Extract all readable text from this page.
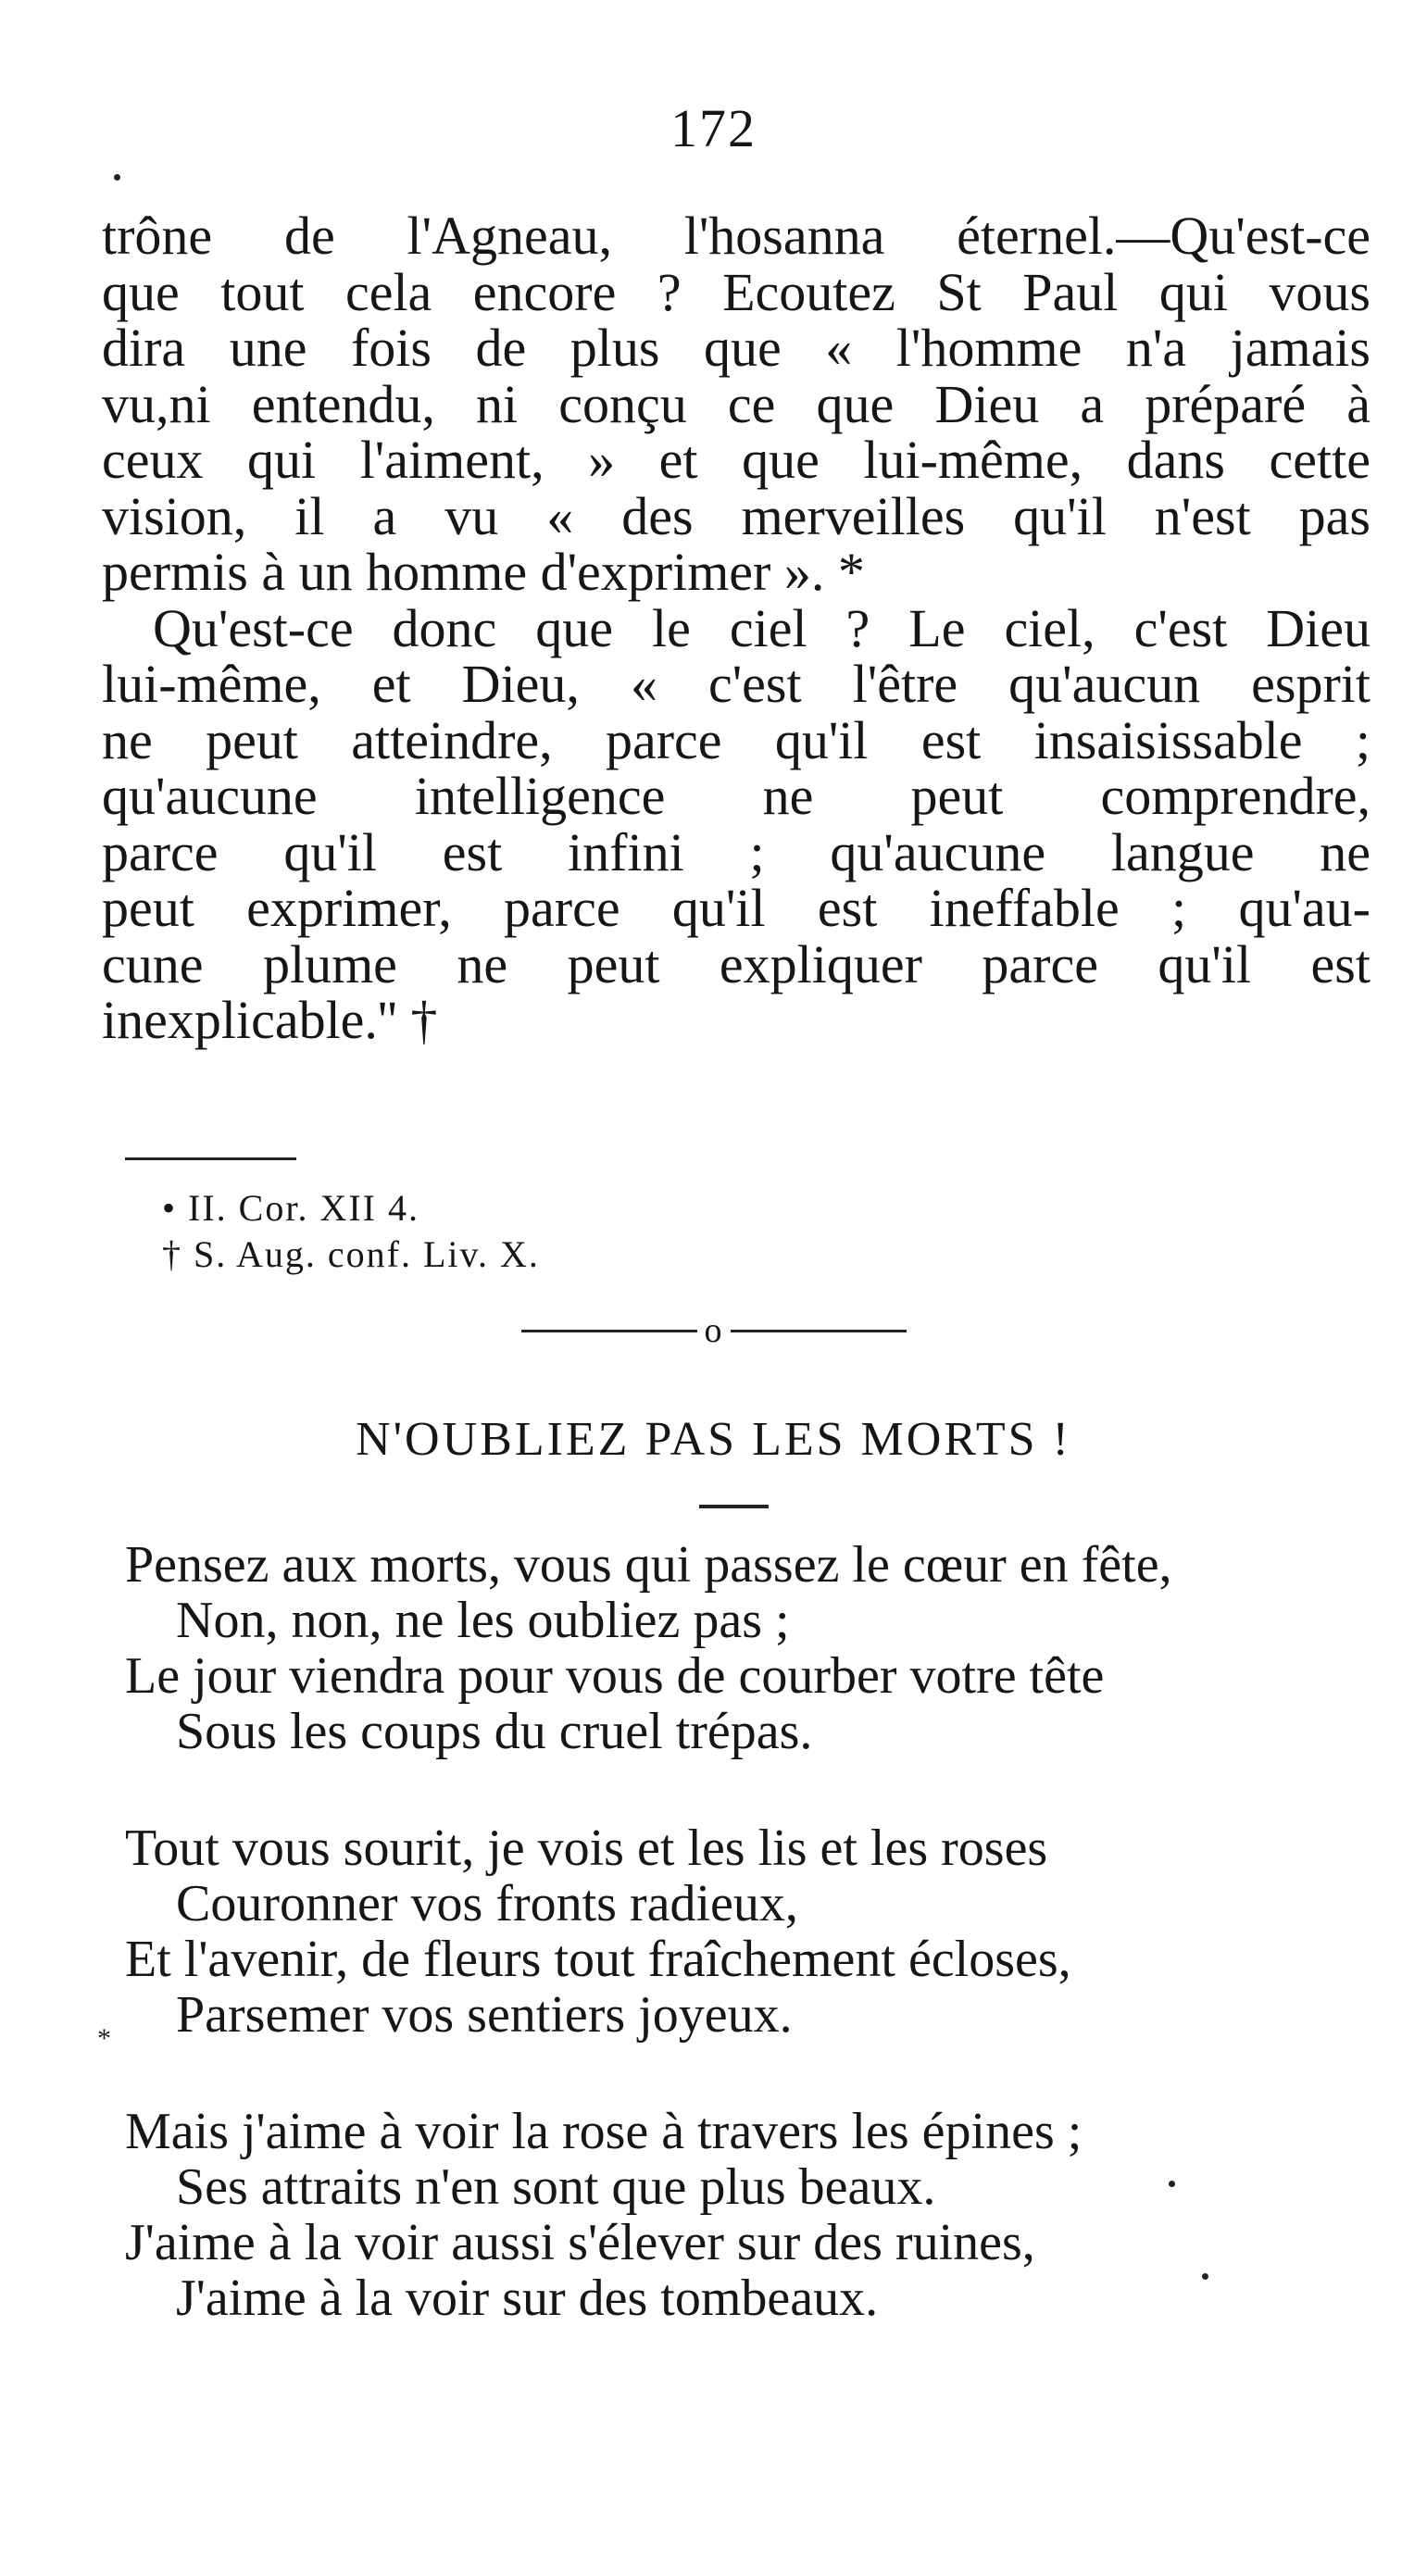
172
trône de l'Agneau, l'hosanna éternel.—Qu'est-ce
que tout cela encore ? Ecoutez St Paul qui vous
dira une fois de plus que « l'homme n'a jamais
vu,ni entendu, ni conçu ce que Dieu a préparé à
ceux qui l'aiment, » et que lui-même, dans cette
vision, il a vu « des merveilles qu'il n'est pas
permis à un homme d'exprimer ». *
Qu'est-ce donc que le ciel ? Le ciel, c'est Dieu
lui-même, et Dieu, « c'est l'être qu'aucun esprit
ne peut atteindre, parce qu'il est insaisissable ;
qu'aucune intelligence ne peut comprendre,
parce qu'il est infini ; qu'aucune langue ne
peut exprimer, parce qu'il est ineffable ; qu'au-
cune plume ne peut expliquer parce qu'il est
inexplicable.'' †
• II. Cor. XII 4.
† S. Aug. conf. Liv. X.
o
N'OUBLIEZ PAS LES MORTS !
Pensez aux morts, vous qui passez le cœur en fête,
Non, non, ne les oubliez pas ;
Le jour viendra pour vous de courber votre tête
Sous les coups du cruel trépas.
Tout vous sourit, je vois et les lis et les roses
Couronner vos fronts radieux,
Et l'avenir, de fleurs tout fraîchement écloses,
Parsemer vos sentiers joyeux.
Mais j'aime à voir la rose à travers les épines ;
Ses attraits n'en sont que plus beaux.
J'aime à la voir aussi s'élever sur des ruines,
J'aime à la voir sur des tombeaux.
*
